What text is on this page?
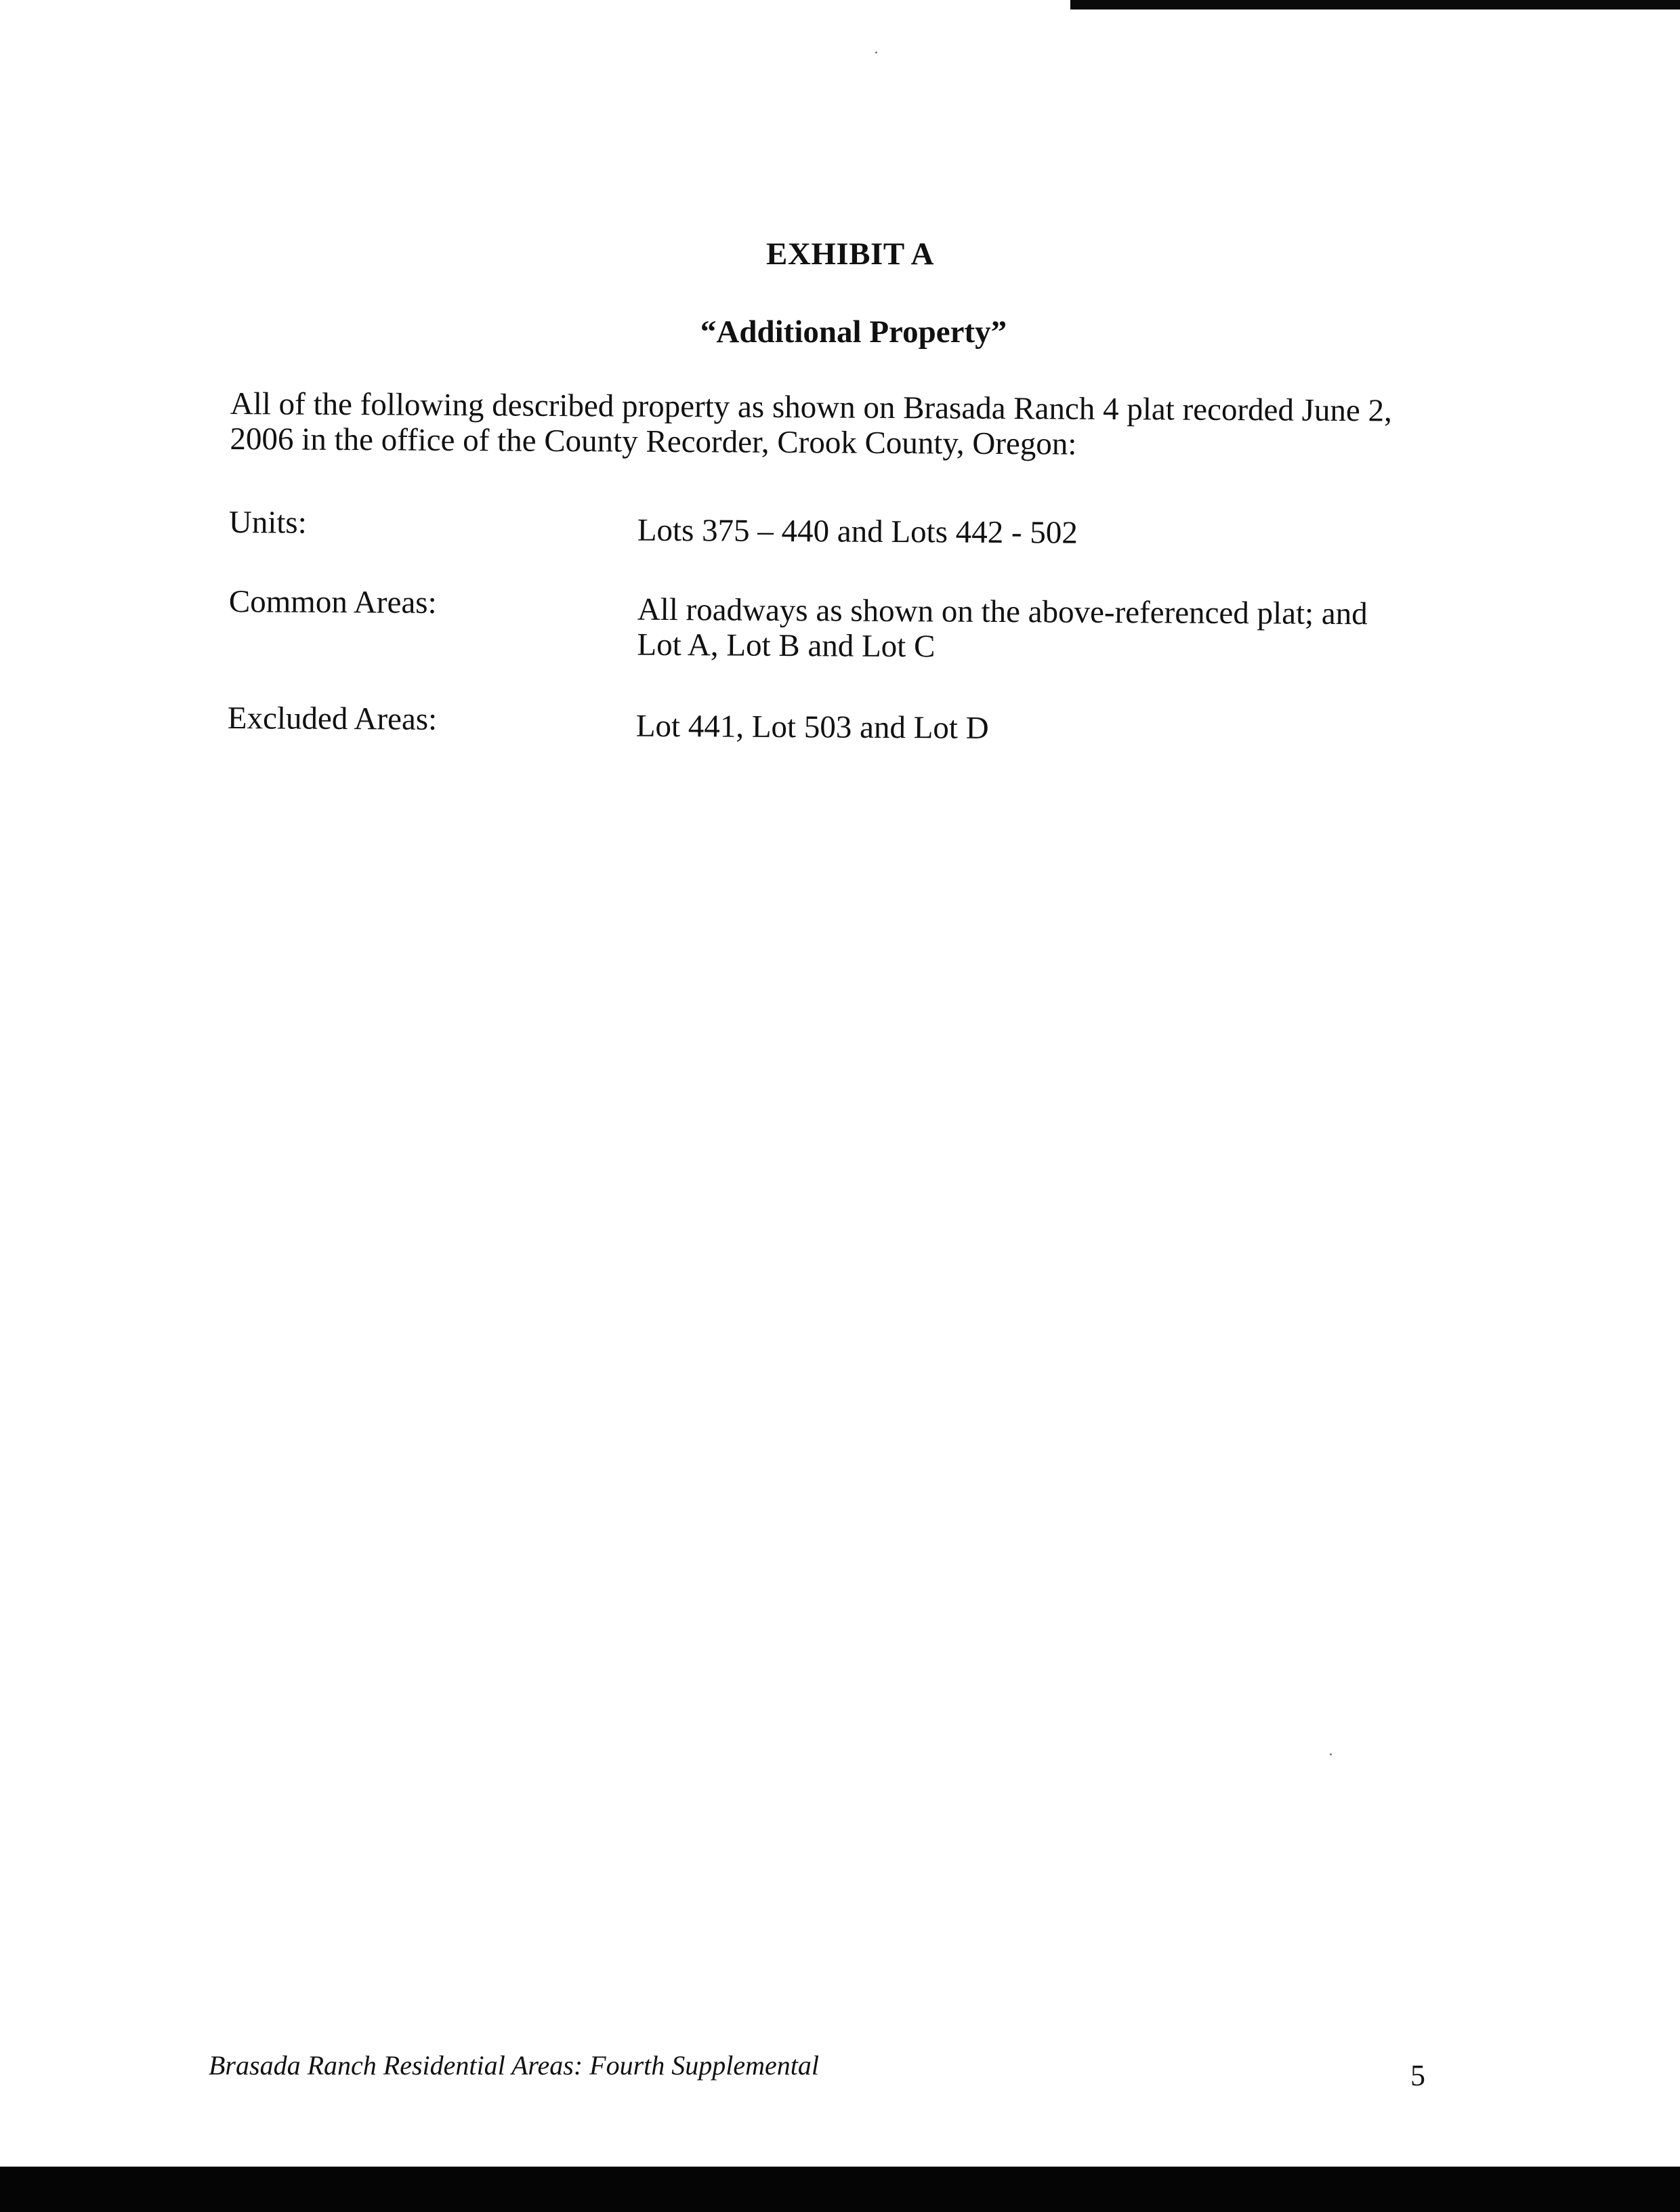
EXHIBIT A
“Additional Property”
All of the following described property as shown on Brasada Ranch 4 plat recorded June 2,
2006 in the office of the County Recorder, Crook County, Oregon:
Units:	Lots 375 – 440 and Lots 442 - 502
Common Areas:	All roadways as shown on the above-referenced plat; and
Lot A, Lot B and Lot C
Excluded Areas:	Lot 441, Lot 503 and Lot D
Brasada Ranch Residential Areas: Fourth Supplemental	5
